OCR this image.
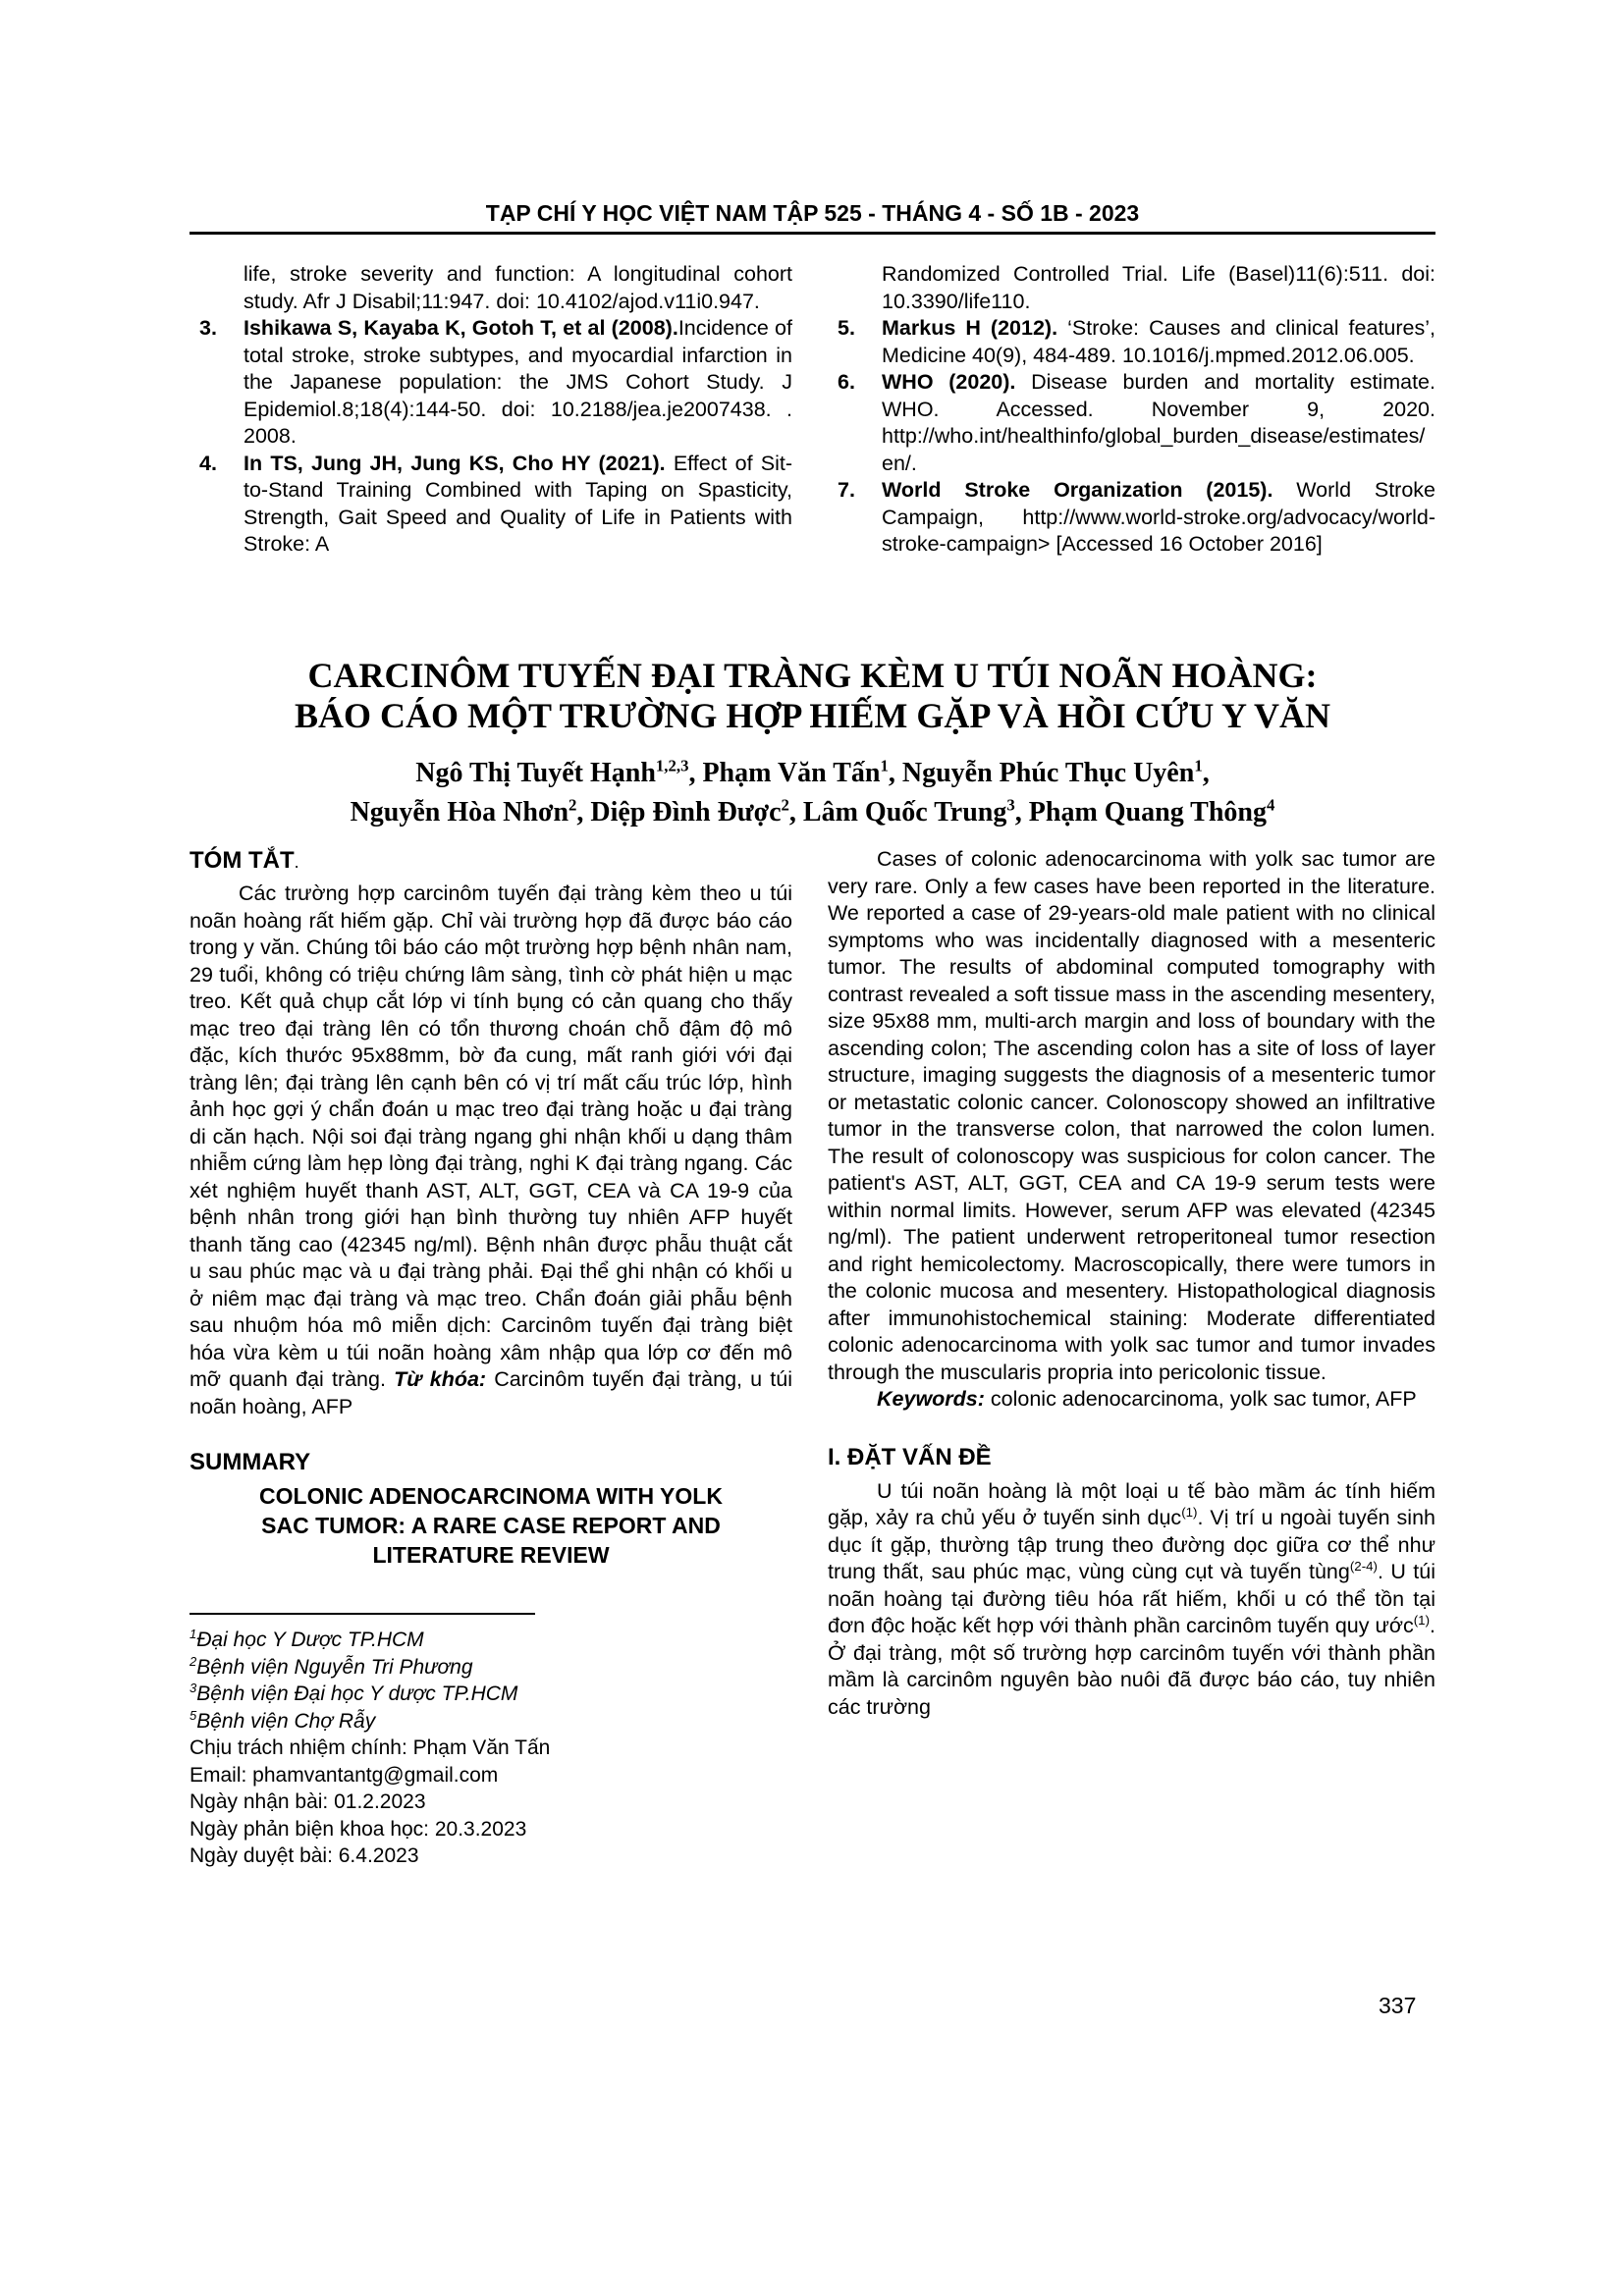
TẠP CHÍ Y HỌC VIỆT NAM TẬP 525 - THÁNG 4 - SỐ 1B - 2023
life, stroke severity and function: A longitudinal cohort study. Afr J Disabil;11:947. doi: 10.4102/ajod.v11i0.947.
3. Ishikawa S, Kayaba K, Gotoh T, et al (2008).Incidence of total stroke, stroke subtypes, and myocardial infarction in the Japanese population: the JMS Cohort Study. J Epidemiol.8;18(4):144-50. doi: 10.2188/jea.je2007438. . 2008.
4. In TS, Jung JH, Jung KS, Cho HY (2021). Effect of Sit-to-Stand Training Combined with Taping on Spasticity, Strength, Gait Speed and Quality of Life in Patients with Stroke: A
Randomized Controlled Trial. Life (Basel)11(6):511. doi: 10.3390/life110.
5. Markus H (2012). ‘Stroke: Causes and clinical features’, Medicine 40(9), 484-489. 10.1016/j.mpmed.2012.06.005.
6. WHO (2020). Disease burden and mortality estimate. WHO. Accessed. November 9, 2020. http://who.int/healthinfo/global_burden_disease/estimates/en/.
7. World Stroke Organization (2015). World Stroke Campaign, http://www.world-stroke.org/advocacy/world-stroke-campaign> [Accessed 16 October 2016]
CARCINÔM TUYẾN ĐẠI TRÀNG KÈM U TÚI NOÃN HOÀNG:
BÁO CÁO MỘT TRƯỜNG HỢP HIẾM GẶP VÀ HỒI CỨU Y VĂN
Ngô Thị Tuyết Hạnh$^{1,2,3}$, Phạm Văn Tấn$^1$, Nguyễn Phúc Thục Uyên$^1$,
Nguyễn Hòa Nhơn$^2$, Diệp Đình Được$^2$, Lâm Quốc Trung$^3$, Phạm Quang Thông$^4$
TÓM TẮT.
Các trường hợp carcinôm tuyến đại tràng kèm theo u túi noãn hoàng rất hiếm gặp. Chỉ vài trường hợp đã được báo cáo trong y văn. Chúng tôi báo cáo một trường hợp bệnh nhân nam, 29 tuổi, không có triệu chứng lâm sàng, tình cờ phát hiện u mạc treo. Kết quả chụp cắt lớp vi tính bụng có cản quang cho thấy mạc treo đại tràng lên có tổn thương choán chỗ đậm độ mô đặc, kích thước 95x88mm, bờ đa cung, mất ranh giới với đại tràng lên; đại tràng lên cạnh bên có vị trí mất cấu trúc lớp, hình ảnh học gợi ý chẩn đoán u mạc treo đại tràng hoặc u đại tràng di căn hạch. Nội soi đại tràng ngang ghi nhận khối u dạng thâm nhiễm cứng làm hẹp lòng đại tràng, nghi K đại tràng ngang. Các xét nghiệm huyết thanh AST, ALT, GGT, CEA và CA 19-9 của bệnh nhân trong giới hạn bình thường tuy nhiên AFP huyết thanh tăng cao (42345 ng/ml). Bệnh nhân được phẫu thuật cắt u sau phúc mạc và u đại tràng phải. Đại thể ghi nhận có khối u ở niêm mạc đại tràng và mạc treo. Chẩn đoán giải phẫu bệnh sau nhuộm hóa mô miễn dịch: Carcinôm tuyến đại tràng biệt hóa vừa kèm u túi noãn hoàng xâm nhập qua lớp cơ đến mô mỡ quanh đại tràng. Từ khóa: Carcinôm tuyến đại tràng, u túi noãn hoàng, AFP
SUMMARY
COLONIC ADENOCARCINOMA WITH YOLK SAC TUMOR: A RARE CASE REPORT AND LITERATURE REVIEW
$^1$Đại học Y Dược TP.HCM
$^2$Bệnh viện Nguyễn Tri Phương
$^3$Bệnh viện Đại học Y dược TP.HCM
$^5$Bệnh viện Chợ Rẫy
Chịu trách nhiệm chính: Phạm Văn Tấn
Email: phamvantantg@gmail.com
Ngày nhận bài: 01.2.2023
Ngày phản biện khoa học: 20.3.2023
Ngày duyệt bài: 6.4.2023
Cases of colonic adenocarcinoma with yolk sac tumor are very rare. Only a few cases have been reported in the literature. We reported a case of 29-years-old male patient with no clinical symptoms who was incidentally diagnosed with a mesenteric tumor. The results of abdominal computed tomography with contrast revealed a soft tissue mass in the ascending mesentery, size 95x88 mm, multi-arch margin and loss of boundary with the ascending colon; The ascending colon has a site of loss of layer structure, imaging suggests the diagnosis of a mesenteric tumor or metastatic colonic cancer. Colonoscopy showed an infiltrative tumor in the transverse colon, that narrowed the colon lumen. The result of colonoscopy was suspicious for colon cancer. The patient's AST, ALT, GGT, CEA and CA 19-9 serum tests were within normal limits. However, serum AFP was elevated (42345 ng/ml). The patient underwent retroperitoneal tumor resection and right hemicolectomy. Macroscopically, there were tumors in the colonic mucosa and mesentery. Histopathological diagnosis after immunohistochemical staining: Moderate differentiated colonic adenocarcinoma with yolk sac tumor and tumor invades through the muscularis propria into pericolonic tissue.
Keywords: colonic adenocarcinoma, yolk sac tumor, AFP
I. ĐẶT VẤN ĐỀ
U túi noãn hoàng là một loại u tế bào mầm ác tính hiếm gặp, xảy ra chủ yếu ở tuyến sinh dục$^{(1)}$. Vị trí u ngoài tuyến sinh dục ít gặp, thường tập trung theo đường dọc giữa cơ thể như trung thất, sau phúc mạc, vùng cùng cụt và tuyến tùng$^{(2-4)}$. U túi noãn hoàng tại đường tiêu hóa rất hiếm, khối u có thể tồn tại đơn độc hoặc kết hợp với thành phần carcinôm tuyến quy ước$^{(1)}$. Ở đại tràng, một số trường hợp carcinôm tuyến với thành phần mầm là carcinôm nguyên bào nuôi đã được báo cáo, tuy nhiên các trường
337
